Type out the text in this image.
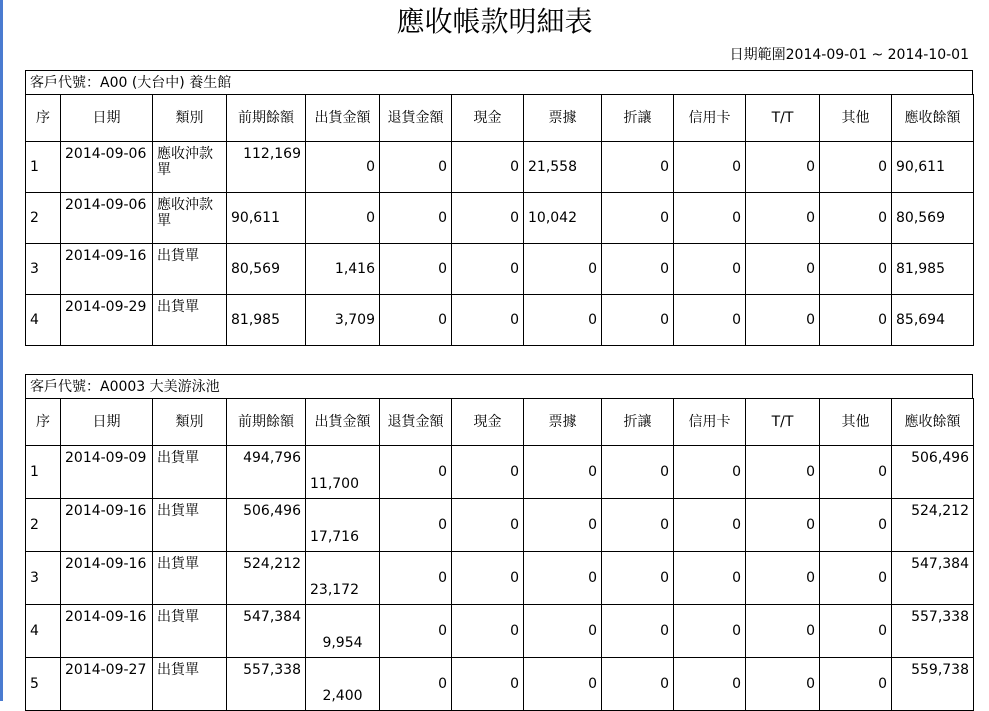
應收帳款明細表
日期範圍2014-09-01 ~ 2014-10-01
客戶代號：A00 (大台中) 養生館
序	日期	類別	前期餘額	出貨金額	退貨金額	現金	票據	折讓	信用卡	T/T	其他	應收餘額
1	2014-09-06	應收沖款單	112,169	0	0	0	21,558	0	0	0	0	90,611
2	2014-09-06	應收沖款單	90,611	0	0	0	10,042	0	0	0	0	80,569
3	2014-09-16	出貨單	80,569	1,416	0	0	0	0	0	0	0	81,985
4	2014-09-29	出貨單	81,985	3,709	0	0	0	0	0	0	0	85,694
客戶代號：A0003 大美游泳池
序	日期	類別	前期餘額	出貨金額	退貨金額	現金	票據	折讓	信用卡	T/T	其他	應收餘額
1	2014-09-09	出貨單	494,796	11,700	0	0	0	0	0	0	0	506,496
2	2014-09-16	出貨單	506,496	17,716	0	0	0	0	0	0	0	524,212
3	2014-09-16	出貨單	524,212	23,172	0	0	0	0	0	0	0	547,384
4	2014-09-16	出貨單	547,384	9,954	0	0	0	0	0	0	0	557,338
5	2014-09-27	出貨單	557,338	2,400	0	0	0	0	0	0	0	559,738
